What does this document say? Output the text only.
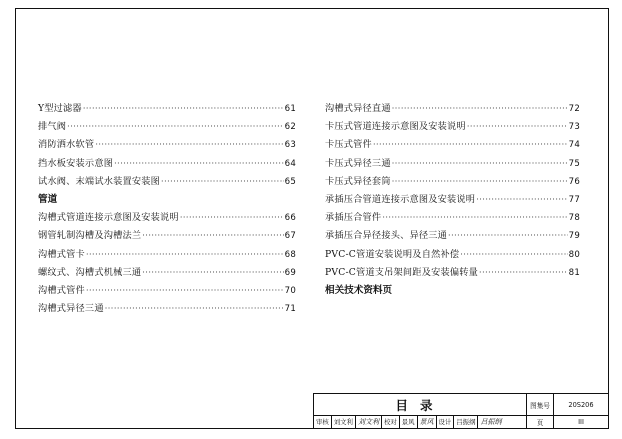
Y型过滤器 ·····	61
排气阀 ·····	62
消防洒水软管 ·····	63
挡水板安装示意图 ·····	64
试水阀、末端试水装置安装图 ·····	65
管道
沟槽式管道连接示意图及安装说明 ·····	66
钢管轧制沟槽及沟槽法兰 ·····	67
沟槽式管卡 ·····	68
螺纹式、沟槽式机械三通 ·····	69
沟槽式管件 ·····	70
沟槽式异径三通 ·····	71
沟槽式异径直通 ·····	72
卡压式管道连接示意图及安装说明 ·····	73
卡压式管件 ·····	74
卡压式异径三通 ·····	75
卡压式异径套筒 ·····	76
承插压合管道连接示意图及安装说明 ·····	77
承插压合管件 ·····	78
承插压合异径接头、异径三通 ·····	79
PVC-C管道安装说明及自然补偿 ·····	80
PVC-C管道支吊架间距及安装偏转量 ·····	81
相关技术资料页
目录	图集号	20S206
审核 刘文利 刘文利 校对 景风 景风 设计 吕振纲 吕振纲	页	III
